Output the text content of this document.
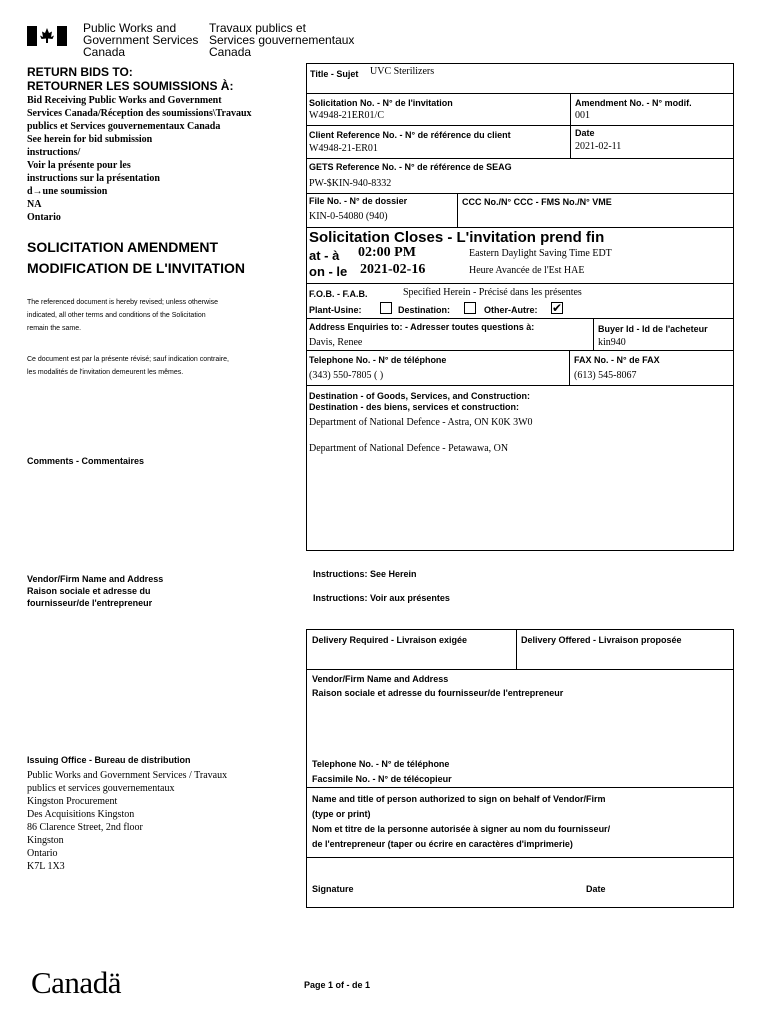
Public Works and
Government Services
Canada
Travaux publics et
Services gouvernementaux
Canada
RETURN BIDS TO:
RETOURNER LES SOUMISSIONS À:
Bid Receiving Public Works and Government
Services Canada/Réception des soumissions\Travaux
publics et Services gouvernementaux Canada
See herein for bid submission
instructions/
Voir la présente pour les
instructions sur la présentation
d→une soumission
NA
Ontario
SOLICITATION AMENDMENT
MODIFICATION DE L'INVITATION
The referenced document is hereby revised; unless otherwise
indicated, all other terms and conditions of the Solicitation
remain the same.
Ce document est par la présente révisé; sauf indication contraire,
les modalités de l'invitation demeurent les mêmes.
Comments - Commentaires
Vendor/Firm Name and Address
Raison sociale et adresse du
fournisseur/de l'entrepreneur
Issuing Office - Bureau de distribution
Public Works and Government Services / Travaux
publics et services gouvernementaux
Kingston Procurement
Des Acquisitions Kingston
86 Clarence Street, 2nd floor
Kingston
Ontario
K7L 1X3
Title - Sujet UVC Sterilizers
Solicitation No. - N° de l'invitation
W4948-21ER01/C
Amendment No. - N° modif.
001
Client Reference No. - N° de référence du client
W4948-21-ER01
Date
2021-02-11
GETS Reference No. - N° de référence de SEAG
PW-$KIN-940-8332
File No. - N° de dossier
KIN-0-54080 (940)
CCC No./N° CCC - FMS No./N° VME
Solicitation Closes - L'invitation prend fin
at - à 02:00 PM
on - le 2021-02-16
Eastern Daylight Saving Time EDT
Heure Avancée de l'Est HAE
F.O.B. - F.A.B.	Specified Herein - Précisé dans les présentes
Plant-Usine:	Destination:	Other-Autre: ✔
Address Enquiries to: - Adresser toutes questions à:
Davis, Renee
Buyer Id - Id de l'acheteur
kin940
Telephone No. - N° de téléphone
(343) 550-7805 ( )
FAX No. - N° de FAX
(613) 545-8067
Destination - of Goods, Services, and Construction:
Destination - des biens, services et construction:
Department of National Defence - Astra, ON K0K 3W0
Department of National Defence - Petawawa, ON
Instructions: See Herein
Instructions: Voir aux présentes
Delivery Required - Livraison exigée	Delivery Offered - Livraison proposée
Vendor/Firm Name and Address
Raison sociale et adresse du fournisseur/de l'entrepreneur
Telephone No. - N° de téléphone
Facsimile No. - N° de télécopieur
Name and title of person authorized to sign on behalf of Vendor/Firm
(type or print)
Nom et titre de la personne autorisée à signer au nom du fournisseur/
de l'entrepreneur (taper ou écrire en caractères d'imprimerie)
Signature	Date
Canadä	Page 1 of - de 1
